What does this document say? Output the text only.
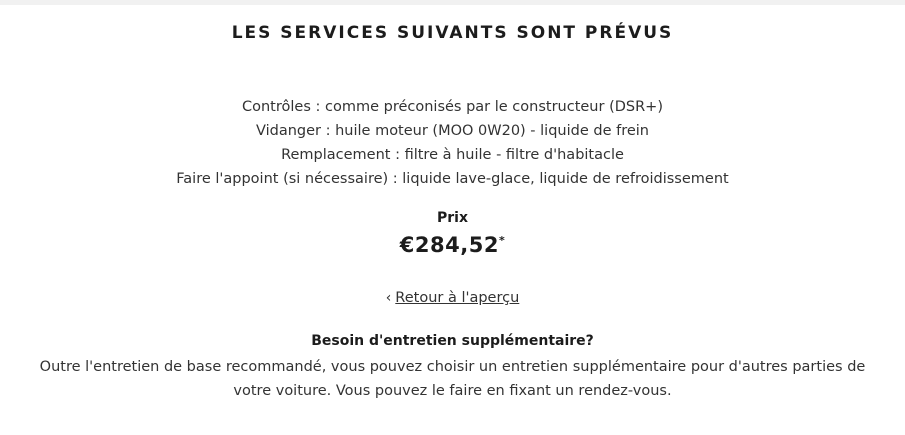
LES SERVICES SUIVANTS SONT PRÉVUS
Contrôles : comme préconisés par le constructeur (DSR+)
Vidanger : huile moteur (MOO 0W20) - liquide de frein
Remplacement : filtre à huile - filtre d'habitacle
Faire l'appoint (si nécessaire) : liquide lave-glace, liquide de refroidissement
Prix
€284,52*
‹ Retour à l'aperçu
Besoin d'entretien supplémentaire?
Outre l'entretien de base recommandé, vous pouvez choisir un entretien supplémentaire pour d'autres parties de votre voiture. Vous pouvez le faire en fixant un rendez-vous.
